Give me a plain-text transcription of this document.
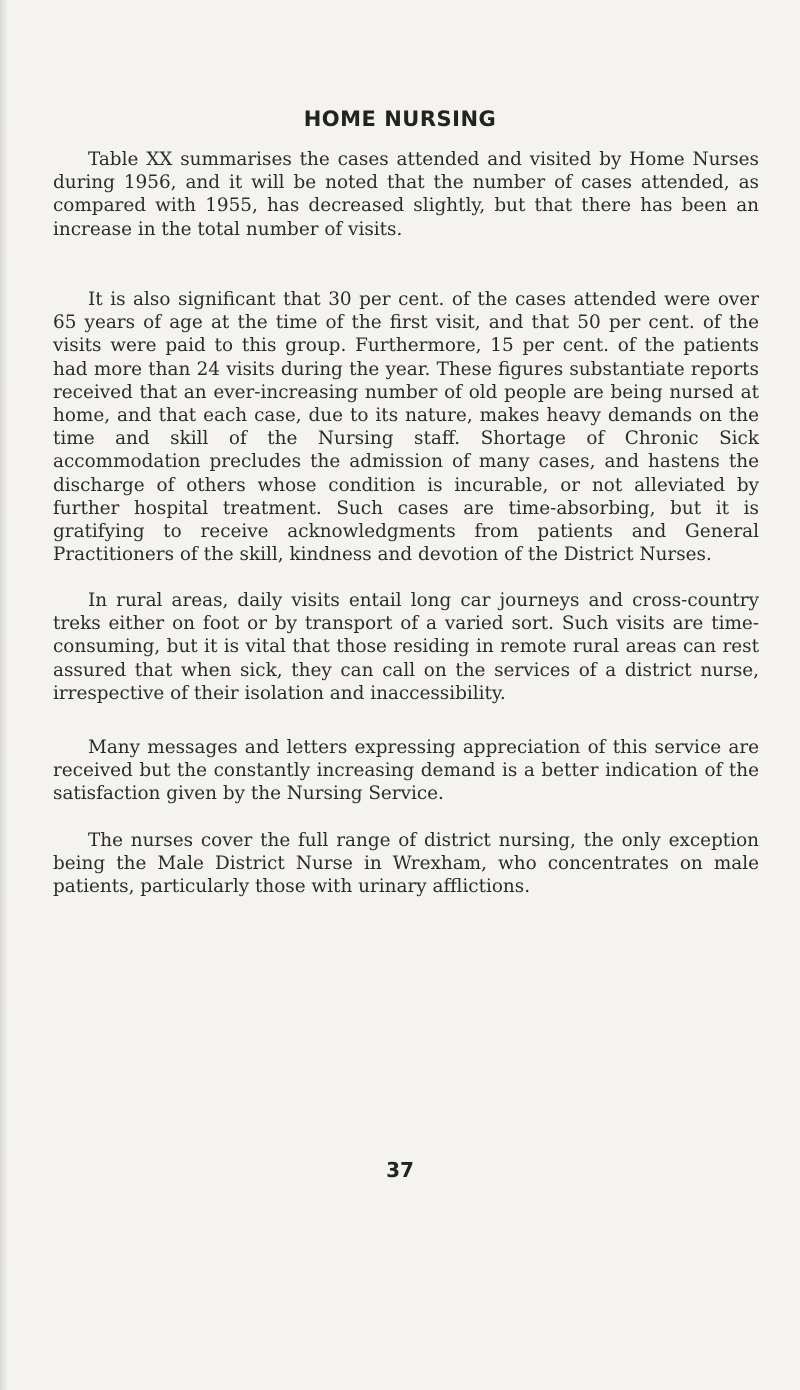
HOME NURSING

Table XX summarises the cases attended and visited by Home Nurses during 1956, and it will be noted that the number of cases attended, as compared with 1955, has decreased slightly, but that there has been an increase in the total number of visits.

It is also significant that 30 per cent. of the cases attended were over 65 years of age at the time of the first visit, and that 50 per cent. of the visits were paid to this group. Furthermore, 15 per cent. of the patients had more than 24 visits during the year. These figures substantiate reports received that an ever-increasing number of old people are being nursed at home, and that each case, due to its nature, makes heavy demands on the time and skill of the Nursing staff. Shortage of Chronic Sick accommodation precludes the admission of many cases, and hastens the discharge of others whose condition is incurable, or not alleviated by further hospital treatment. Such cases are time-absorbing, but it is gratifying to receive acknowledgments from patients and General Practitioners of the skill, kindness and devotion of the District Nurses.

In rural areas, daily visits entail long car journeys and cross-country treks either on foot or by transport of a varied sort. Such visits are time-consuming, but it is vital that those residing in remote rural areas can rest assured that when sick, they can call on the services of a district nurse, irrespective of their isolation and inaccessibility.

Many messages and letters expressing appreciation of this service are received but the constantly increasing demand is a better indication of the satisfaction given by the Nursing Service.

The nurses cover the full range of district nursing, the only exception being the Male District Nurse in Wrexham, who concentrates on male patients, particularly those with urinary afflictions.

37
